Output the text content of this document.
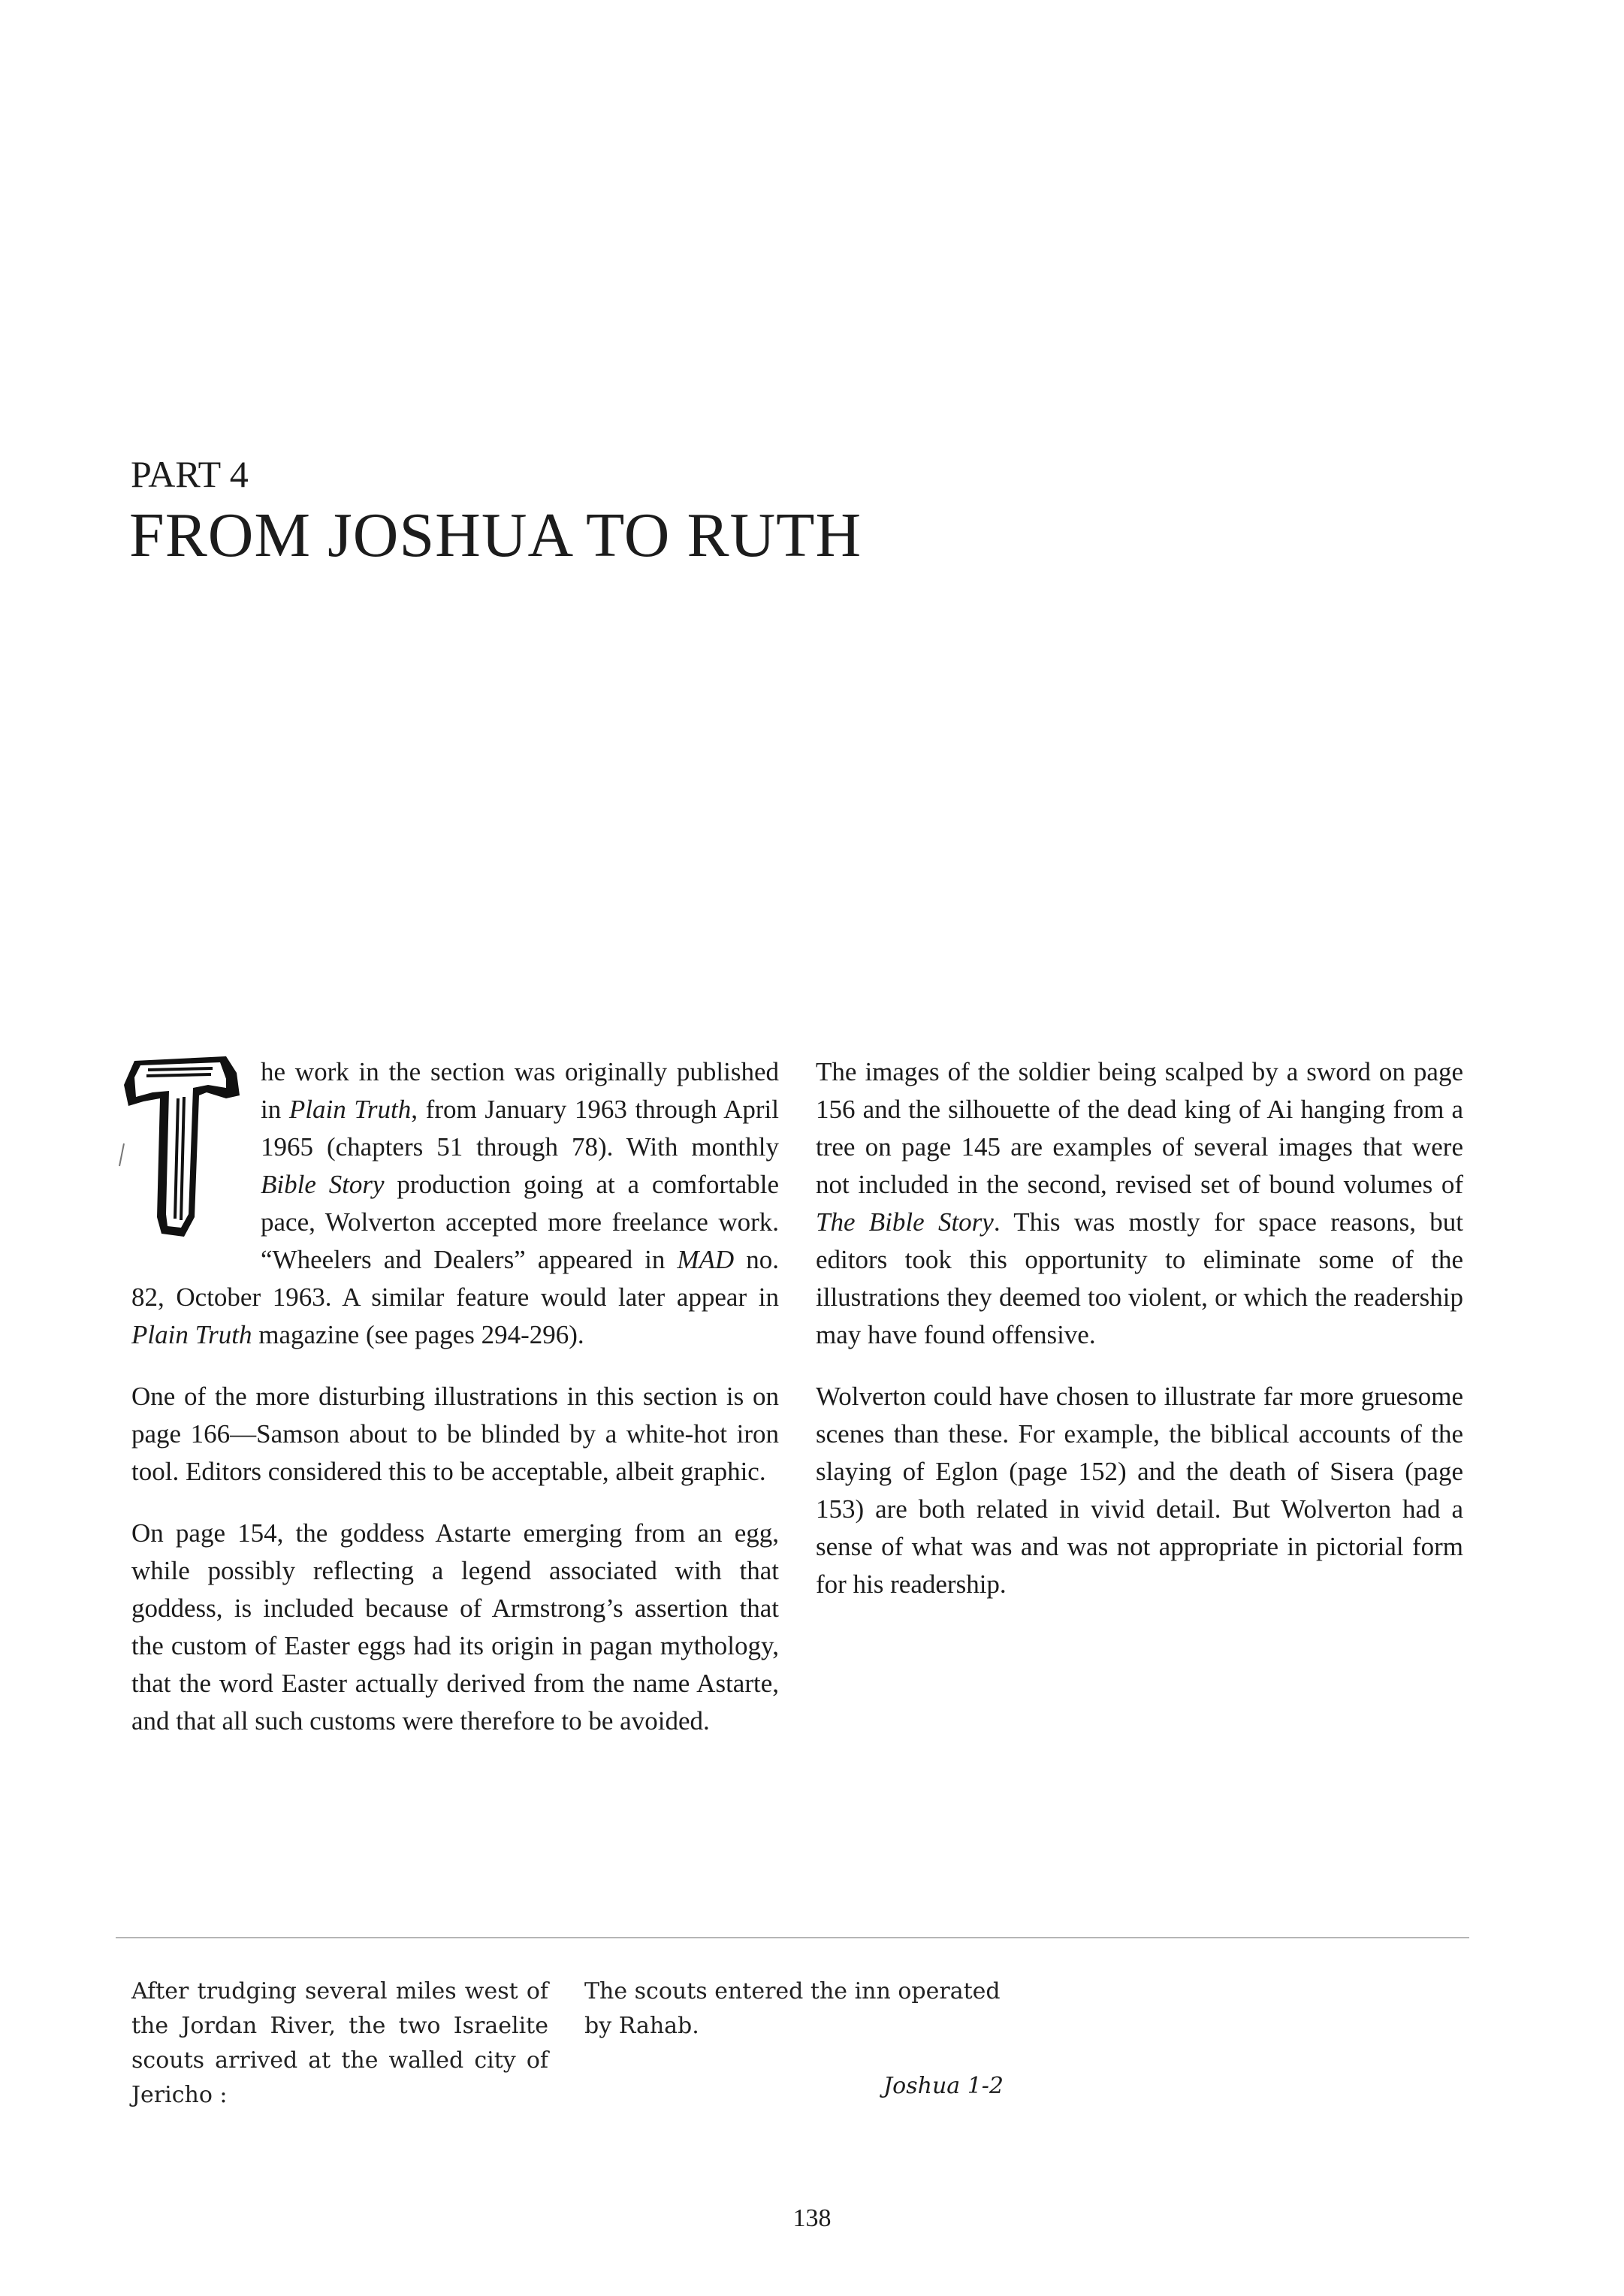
PART 4
FROM JOSHUA TO RUTH

he work in the section was originally published in Plain Truth, from January 1963 through April 1965 (chapters 51 through 78). With monthly Bible Story production going at a comfortable pace, Wolverton accepted more freelance work. “Wheelers and Dealers” appeared in MAD no. 82, October 1963. A similar feature would later appear in Plain Truth magazine (see pages 294-296).

One of the more disturbing illustrations in this section is on page 166—Samson about to be blinded by a white-hot iron tool. Editors considered this to be acceptable, albeit graphic.

On page 154, the goddess Astarte emerging from an egg, while possibly reflecting a legend associated with that goddess, is included because of Armstrong’s assertion that the custom of Easter eggs had its origin in pagan mythology, that the word Easter actually derived from the name Astarte, and that all such customs were therefore to be avoided.

The images of the soldier being scalped by a sword on page 156 and the silhouette of the dead king of Ai hanging from a tree on page 145 are examples of several images that were not included in the second, revised set of bound volumes of The Bible Story. This was mostly for space reasons, but editors took this opportunity to eliminate some of the illustrations they deemed too violent, or which the readership may have found offensive.

Wolverton could have chosen to illustrate far more gruesome scenes than these. For example, the biblical accounts of the slaying of Eglon (page 152) and the death of Sisera (page 153) are both related in vivid detail. But Wolverton had a sense of what was and was not appropriate in pictorial form for his readership.

After trudging several miles west of the Jordan River, the two Israelite scouts arrived at the walled city of Jericho :
The scouts entered the inn operated by Rahab.
Joshua 1-2
138
